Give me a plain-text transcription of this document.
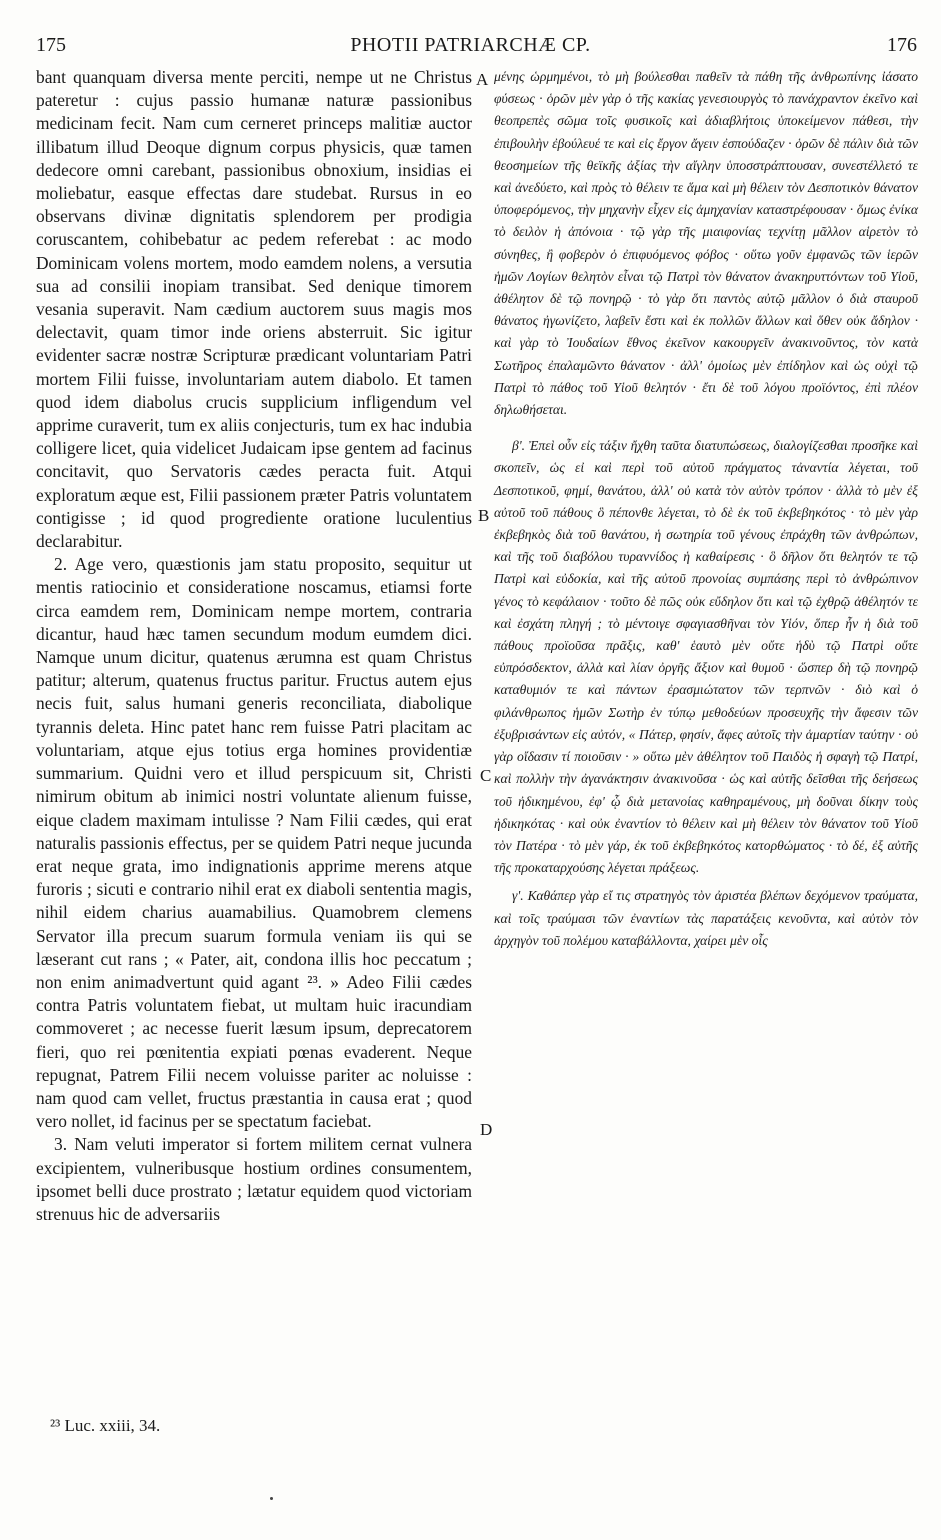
175	PHOTII PATRIARCHÆ CP.	176

bant quanquam diversa mente perciti, nempe ut ne Christus pateretur : cujus passio humanæ naturæ passionibus medicinam fecit. Nam cum cerneret princeps malitiæ auctor illibatum illud Deoque dignum corpus physicis, quæ tamen dedecore omni carebant, passionibus obnoxium, insidias ei moliebatur, easque effectas dare studebat. Rursus in eo observans divinæ dignitatis splendorem per prodigia coruscantem, cohibebatur ac pedem referebat : ac modo Dominicam volens mortem, modo eamdem nolens, a versutia sua ad consilii inopiam transibat. Sed denique timorem vesania superavit. Nam cædium auctorem suus magis mos delectavit, quam timor inde oriens absterruit. Sic igitur evidenter sacræ nostræ Scripturæ prædicant voluntariam Patri mortem Filii fuisse, involuntariam autem diabolo. Et tamen quod idem diabolus crucis supplicium infligendum vel apprime curaverit, tum ex aliis conjecturis, tum ex hac indubia colligere licet, quia videlicet Judaicam ipse gentem ad facinus concitavit, quo Servatoris cædes peracta fuit. Atqui exploratum æque est, Filii passionem præter Patris voluntatem contigisse ; id quod progrediente oratione luculentius declarabitur.

2. Age vero, quæstionis jam statu proposito, sequitur ut mentis ratiocinio et consideratione noscamus, etiamsi forte circa eamdem rem, Dominicam nempe mortem, contraria dicantur, haud hæc tamen secundum modum eumdem dici. Namque unum dicitur, quatenus ærumna est quam Christus patitur; alterum, quatenus fructus paritur. Fructus autem ejus necis fuit, salus humani generis reconciliata, diabolique tyrannis deleta. Hinc patet hanc rem fuisse Patri placitam ac voluntariam, atque ejus totius erga homines providentiæ summarium. Quidni vero et illud perspicuum sit, Christi nimirum obitum ab inimici nostri voluntate alienum fuisse, eique cladem maximam intulisse ? Nam Filii cædes, qui erat naturalis passionis effectus, per se quidem Patri neque jucunda erat neque grata, imo indignationis apprime merens atque furoris ; sicuti e contrario nihil erat ex diaboli sententia magis, nihil eidem charius auamabilius. Quamobrem clemens Servator illa precum suarum formula veniam iis qui se læserant cut rans ; « Pater, ait, condona illis hoc peccatum ; non enim animadvertunt quid agant ²³. » Adeo Filii cædes contra Patris voluntatem fiebat, ut multam huic iracundiam commoveret ; ac necesse fuerit læsum ipsum, deprecatorem fieri, quo rei pœnitentia expiati pœnas evaderent. Neque repugnat, Patrem Filii necem voluisse pariter ac noluisse : nam quod cam vellet, fructus præstantia in causa erat ; quod vero nollet, id facinus per se spectatum faciebat.

3. Nam veluti imperator si fortem militem cernat vulnera excipientem, vulneribusque hostium ordines consumentem, ipsomet belli duce prostrato ; lætatur equidem quod victoriam strenuus hic de adversariis

μένης ὡρμημένοι, τὸ μὴ βούλεσθαι παθεῖν τὰ πάθη τῆς ἀνθρωπίνης ἰάσατο φύσεως · ὁρῶν μὲν γὰρ ὁ τῆς κακίας γενεσιουργὸς τὸ πανάχραντον ἐκεῖνο καὶ θεοπρεπὲς σῶμα τοῖς φυσικοῖς καὶ ἀδιαβλήτοις ὑποκείμενον πάθεσι, τὴν ἐπιβουλὴν ἐβούλευέ τε καὶ εἰς ἔργον ἄγειν ἐσπούδαζεν · ὁρῶν δὲ πάλιν διὰ τῶν θεοσημείων τῆς θεϊκῆς ἀξίας τὴν αἴγλην ὑποσστράπτουσαν, συνεστέλλετό τε καὶ ἀνεδύετο, καὶ πρὸς τὸ θέλειν τε ἅμα καὶ μὴ θέλειν τὸν Δεσποτικὸν θάνατον ὑποφερόμενος, τὴν μηχανὴν εἶχεν εἰς ἀμηχανίαν καταστρέφουσαν · ὅμως ἐνίκα τὸ δειλὸν ἡ ἀπόνοια · τῷ γὰρ τῆς μιαιφονίας τεχνίτῃ μᾶλλον αἱρετὸν τὸ σύνηθες, ἢ φοβερὸν ὁ ἐπιφυόμενος φόβος · οὕτω γοῦν ἐμφανῶς τῶν ἱερῶν ἡμῶν Λογίων θελητὸν εἶναι τῷ Πατρὶ τὸν θάνατον ἀνακηρυττόντων τοῦ Υἱοῦ, ἀθέλητον δὲ τῷ πονηρῷ · τὸ γὰρ ὅτι παντὸς αὐτῷ μᾶλλον ὁ διὰ σταυροῦ θάνατος ἠγωνίζετο, λαβεῖν ἔστι καὶ ἐκ πολλῶν ἄλλων καὶ ὅθεν οὐκ ἄδηλον · καὶ γὰρ τὸ Ἰουδαίων ἔθνος ἐκεῖνον κακουργεῖν ἀνακινοῦντος, τὸν κατὰ Σωτῆρος ἐπαλαμῶντο θάνατον · ἀλλ' ὁμοίως μὲν ἐπίδηλον καὶ ὡς οὐχὶ τῷ Πατρὶ τὸ πάθος τοῦ Υἱοῦ θελητόν · ἔτι δὲ τοῦ λόγου προϊόντος, ἐπὶ πλέον δηλωθήσεται.

β'. Ἐπεὶ οὖν εἰς τάξιν ἤχθη ταῦτα διατυπώσεως, διαλογίζεσθαι προσῆκε καὶ σκοπεῖν, ὡς εἰ καὶ περὶ τοῦ αὐτοῦ πράγματος τἀναντία λέγεται, τοῦ Δεσποτικοῦ, φημί, θανάτου, ἀλλ' οὐ κατὰ τὸν αὐτὸν τρόπον · ἀλλὰ τὸ μὲν ἐξ αὐτοῦ τοῦ πάθους ὃ πέπονθε λέγεται, τὸ δὲ ἐκ τοῦ ἐκβεβηκότος · τὸ μὲν γὰρ ἐκβεβηκὸς διὰ τοῦ θανάτου, ἡ σωτηρία τοῦ γένους ἐπράχθη τῶν ἀνθρώπων, καὶ τῆς τοῦ διαβόλου τυραννίδος ἡ καθαίρεσις · ὃ δῆλον ὅτι θελητόν τε τῷ Πατρὶ καὶ εὐδοκία, καὶ τῆς αὐτοῦ προνοίας συμπάσης περὶ τὸ ἀνθρώπινον γένος τὸ κεφάλαιον · τοῦτο δὲ πῶς οὐκ εὔδηλον ὅτι καὶ τῷ ἐχθρῷ ἀθέλητόν τε καὶ ἐσχάτη πληγή ; τὸ μέντοιγε σφαγιασθῆναι τὸν Υἱόν, ὅπερ ἦν ἡ διὰ τοῦ πάθους προϊοῦσα πρᾶξις, καθ' ἑαυτὸ μὲν οὔτε ἡδὺ τῷ Πατρὶ οὔτε εὐπρόσδεκτον, ἀλλὰ καὶ λίαν ὀργῆς ἄξιον καὶ θυμοῦ · ὥσπερ δὴ τῷ πονηρῷ καταθυμιόν τε καὶ πάντων ἐρασμιώτατον τῶν τερπνῶν · διὸ καὶ ὁ φιλάνθρωπος ἡμῶν Σωτὴρ ἐν τύπῳ μεθοδεύων προσευχῆς τὴν ἄφεσιν τῶν ἐξυβρισάντων εἰς αὐτόν, « Πάτερ, φησίν, ἄφες αὐτοῖς τὴν ἁμαρτίαν ταύτην · οὐ γὰρ οἴδασιν τί ποιοῦσιν · » οὕτω μὲν ἀθέλητον τοῦ Παιδὸς ἡ σφαγὴ τῷ Πατρί, καὶ πολλὴν τὴν ἀγανάκτησιν ἀνακινοῦσα · ὡς καὶ αὐτῆς δεῖσθαι τῆς δεήσεως τοῦ ἠδικημένου, ἐφ' ᾧ διὰ μετανοίας καθηραμένους, μὴ δοῦναι δίκην τοὺς ἠδικηκότας · καὶ οὐκ ἐναντίον τὸ θέλειν καὶ μὴ θέλειν τὸν θάνατον τοῦ Υἱοῦ τὸν Πατέρα · τὸ μὲν γάρ, ἐκ τοῦ ἐκβεβηκότος κατορθώματος · τὸ δέ, ἐξ αὐτῆς τῆς προκαταρχούσης λέγεται πράξεως.

γ'. Καθάπερ γὰρ εἴ τις στρατηγὸς τὸν ἀριστέα βλέπων δεχόμενον τραύματα, καὶ τοῖς τραύμασι τῶν ἐναντίων τὰς παρατάξεις κενοῦντα, καὶ αὐτὸν τὸν ἀρχηγὸν τοῦ πολέμου καταβάλλοντα, χαίρει μὲν οἷς

A
B
C
D
²³ Luc. xxiii, 34.
